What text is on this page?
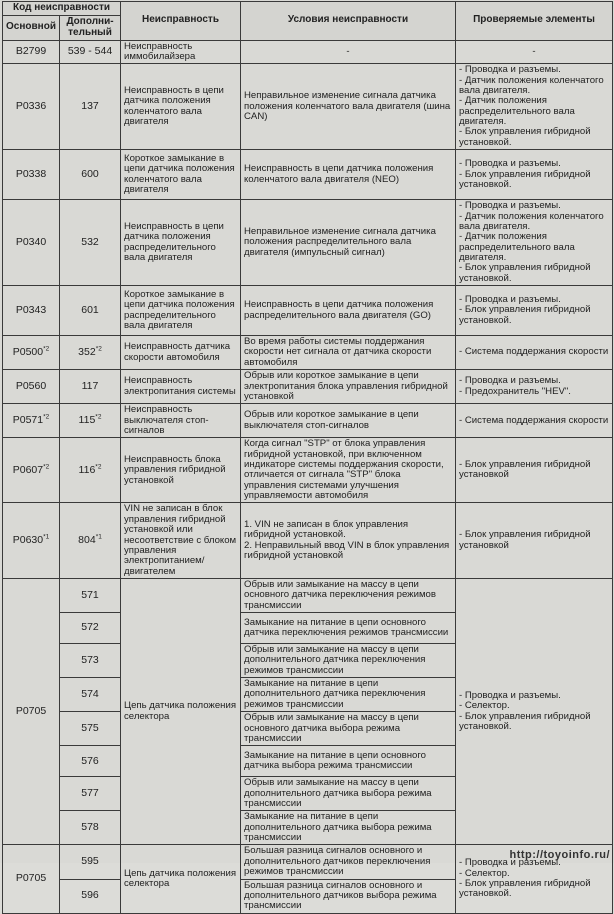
Код неисправности		Неисправность	Условия неисправности	Проверяемые элементы
Основной	Дополни-
тельный			
B2799	539 - 544	Неисправность иммобилайзера	-	-
P0336	137	Неисправность в цепи датчика положения коленчатого вала двигателя	Неправильное изменение сигнала датчика положения коленчатого вала двигателя (шина CAN)	- Проводка и разъемы.
- Датчик положения коленчатого вала двигателя.
- Датчик положения распределительного вала двигателя.
- Блок управления гибридной установкой.
P0338	600	Короткое замыкание в цепи датчика положения коленчатого вала двигателя	Неисправность в цепи датчика положения коленчатого вала двигателя (NEO)	- Проводка и разъемы.
- Блок управления гибридной установкой.
P0340	532	Неисправность в цепи датчика положения распределительного вала двигателя	Неправильное изменение сигнала датчика положения распределительного вала двигателя (импульсный сигнал)	- Проводка и разъемы.
- Датчик положения коленчатого вала двигателя.
- Датчик положения распределительного вала двигателя.
- Блок управления гибридной установкой.
P0343	601	Короткое замыкание в цепи датчика положения распределительного вала двигателя	Неисправность в цепи датчика положения распределительного вала двигателя (GO)	- Проводка и разъемы.
- Блок управления гибридной установкой.
P0500$^{*2}$	352$^{*2}$	Неисправность датчика скорости автомобиля	Во время работы системы поддержания скорости нет сигнала от датчика скорости автомобиля	- Система поддержания скорости
P0560	117	Неисправность электропитания системы	Обрыв или короткое замыкание в цепи электропитания блока управления гибридной установкой	- Проводка и разъемы.
- Предохранитель "HEV".
P0571$^{*2}$	115$^{*2}$	Неисправность выключателя стоп-сигналов	Обрыв или короткое замыкание в цепи выключателя стоп-сигналов	- Система поддержания скорости
P0607$^{*2}$	116$^{*2}$	Неисправность блока управления гибридной установкой	Когда сигнал "STP" от блока управления гибридной установкой, при включенном индикаторе системы поддержания скорости, отличается от сигнала "STP" блока управления системами улучшения управляемости автомобиля	- Блок управления гибридной установкой
P0630$^{*1}$	804$^{*1}$	VIN не записан в блок управления гибридной установкой или несоответствие с блоком управления электропитанием/двигателем	1. VIN не записан в блок управления гибридной установкой.
2. Неправильный ввод VIN в блок управления гибридной установкой	- Блок управления гибридной установкой
P0705	571	Цепь датчика положения селектора	Обрыв или замыкание на массу в цепи основного датчика переключения режимов трансмиссии	- Проводка и разъемы.
- Селектор.
- Блок управления гибридной установкой.
	572		Замыкание на питание в цепи основного датчика переключения режимов трансмиссии	
	573		Обрыв или замыкание на массу в цепи дополнительного датчика переключения режимов трансмиссии	
	574		Замыкание на питание в цепи дополнительного датчика переключения режимов трансмиссии	
	575		Обрыв или замыкание на массу в цепи основного датчика выбора режима трансмиссии	
	576		Замыкание на питание в цепи основного датчика выбора режима трансмиссии	
	577		Обрыв или замыкание на массу в цепи дополнительного датчика выбора режима трансмиссии	
	578		Замыкание на питание в цепи дополнительного датчика выбора режима трансмиссии	
P0705	595	Цепь датчика положения селектора	Большая разница сигналов основного и дополнительного датчиков переключения режимов трансмиссии	- Проводка и разъемы.
- Селектор.
- Блок управления гибридной установкой.
	596		Большая разница сигналов основного и дополнительного датчиков выбора режима трансмиссии	
http://toyoinfo.ru/
